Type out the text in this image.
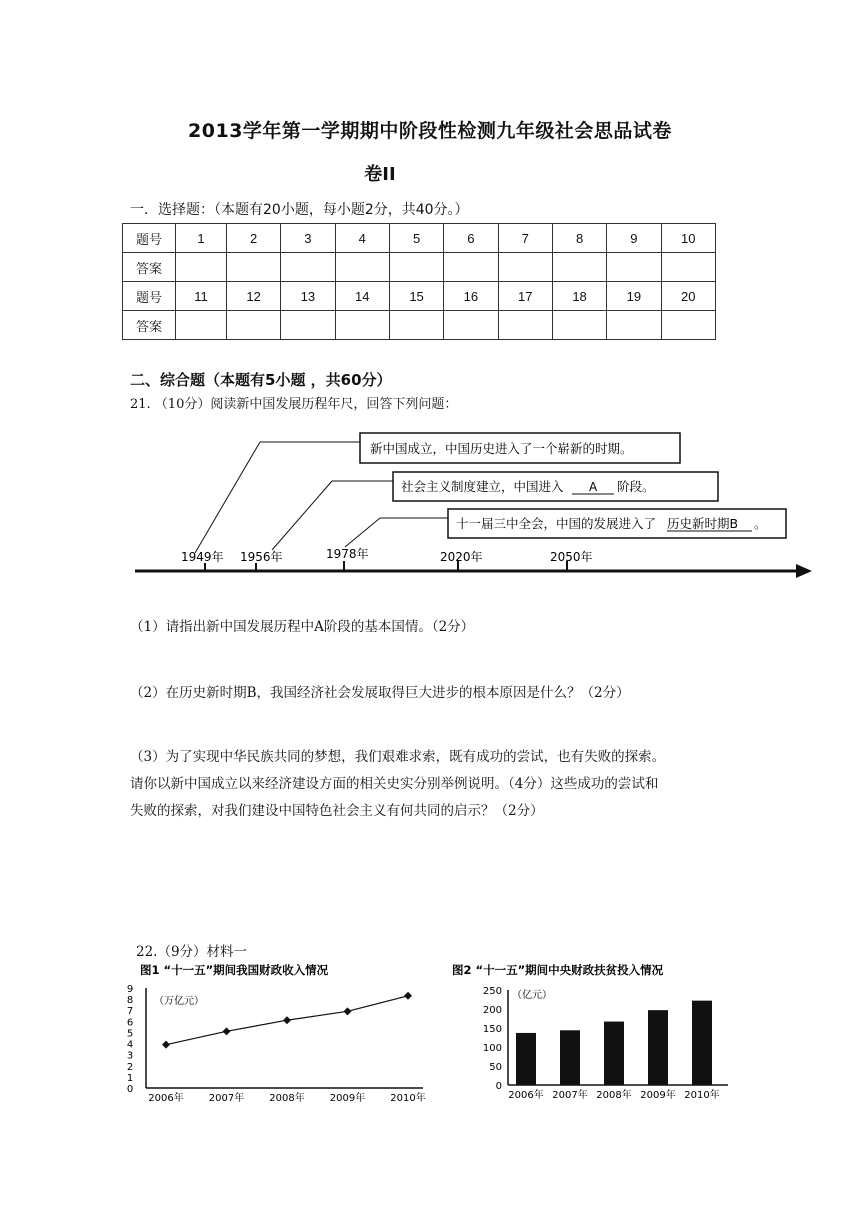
2013学年第一学期期中阶段性检测九年级社会思品试卷
卷II
一．选择题：（本题有20小题，每小题2分，共40分。）
题号	1	2	3	4	5	6	7	8	9	10
答案										
题号	11	12	13	14	15	16	17	18	19	20
答案										
二、综合题（本题有5小题 ，共60分）
21. （10分）阅读新中国发展历程年尺，回答下列问题：
1949年 1956年	1978年	2020年	2050年
新中国成立，中国历史进入了一个崭新的时期。
社会主义制度建立，中国进入 A 阶段。
十一届三中全会，中国的发展进入了 历史新时期B 。
（1）请指出新中国发展历程中A阶段的基本国情。（2分）
（2）在历史新时期B，我国经济社会发展取得巨大进步的根本原因是什么？（2分）
（3）为了实现中华民族共同的梦想，我们艰难求索，既有成功的尝试，也有失败的探索。
请你以新中国成立以来经济建设方面的相关史实分别举例说明。（4分）这些成功的尝试和
失败的探索，对我们建设中国特色社会主义有何共同的启示？（2分）
22.（9分）材料一
图1 “十一五”期间我国财政收入情况
（万亿元）
0
1
2
3
4
5
6
7
8
9
2006年	2007年	2008年	2009年	2010年
图2 “十一五”期间中央财政扶贫投入情况
（亿元）
0
50
100
150
200
250
2006年 2007年 2008年 2009年 2010年
